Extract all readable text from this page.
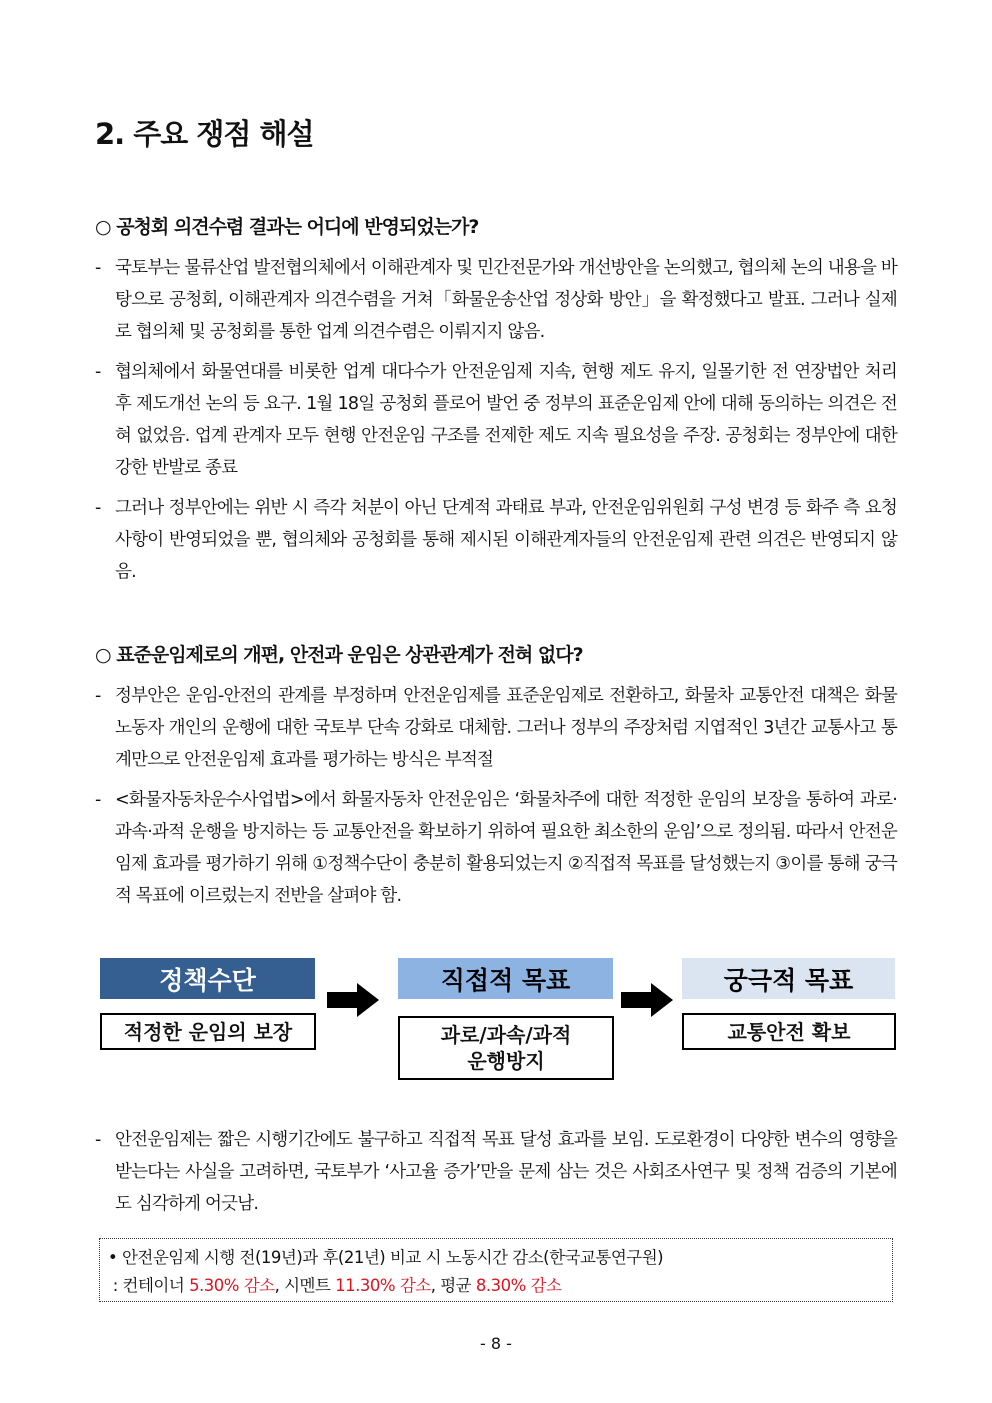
2. 주요 쟁점 해설
○ 공청회 의견수렴 결과는 어디에 반영되었는가?
- 국토부는 물류산업 발전협의체에서 이해관계자 및 민간전문가와 개선방안을 논의했고, 협의체 논의 내용을 바탕으로 공청회, 이해관계자 의견수렴을 거쳐「화물운송산업 정상화 방안」을 확정했다고 발표. 그러나 실제로 협의체 및 공청회를 통한 업계 의견수렴은 이뤄지지 않음.
- 협의체에서 화물연대를 비롯한 업계 대다수가 안전운임제 지속, 현행 제도 유지, 일몰기한 전 연장법안 처리 후 제도개선 논의 등 요구. 1월 18일 공청회 플로어 발언 중 정부의 표준운임제 안에 대해 동의하는 의견은 전혀 없었음. 업계 관계자 모두 현행 안전운임 구조를 전제한 제도 지속 필요성을 주장. 공청회는 정부안에 대한 강한 반발로 종료
- 그러나 정부안에는 위반 시 즉각 처분이 아닌 단계적 과태료 부과, 안전운임위원회 구성 변경 등 화주 측 요청 사항이 반영되었을 뿐, 협의체와 공청회를 통해 제시된 이해관계자들의 안전운임제 관련 의견은 반영되지 않음.
○ 표준운임제로의 개편, 안전과 운임은 상관관계가 전혀 없다?
- 정부안은 운임-안전의 관계를 부정하며 안전운임제를 표준운임제로 전환하고, 화물차 교통안전 대책은 화물노동자 개인의 운행에 대한 국토부 단속 강화로 대체함. 그러나 정부의 주장처럼 지엽적인 3년간 교통사고 통계만으로 안전운임제 효과를 평가하는 방식은 부적절
- <화물자동차운수사업법>에서 화물자동차 안전운임은 ‘화물차주에 대한 적정한 운임의 보장을 통하여 과로·과속·과적 운행을 방지하는 등 교통안전을 확보하기 위하여 필요한 최소한의 운임’으로 정의됨. 따라서 안전운임제 효과를 평가하기 위해 ①정책수단이 충분히 활용되었는지 ②직접적 목표를 달성했는지 ③이를 통해 궁극적 목표에 이르렀는지 전반을 살펴야 함.
정책수단
적정한 운임의 보장
직접적 목표
과로/과속/과적
운행방지
궁극적 목표
교통안전 확보
- 안전운임제는 짧은 시행기간에도 불구하고 직접적 목표 달성 효과를 보임. 도로환경이 다양한 변수의 영향을 받는다는 사실을 고려하면, 국토부가 ‘사고율 증가’만을 문제 삼는 것은 사회조사연구 및 정책 검증의 기본에도 심각하게 어긋남.
• 안전운임제 시행 전(19년)과 후(21년) 비교 시 노동시간 감소(한국교통연구원)
: 컨테이너 5.30% 감소, 시멘트 11.30% 감소, 평균 8.30% 감소
- 8 -
